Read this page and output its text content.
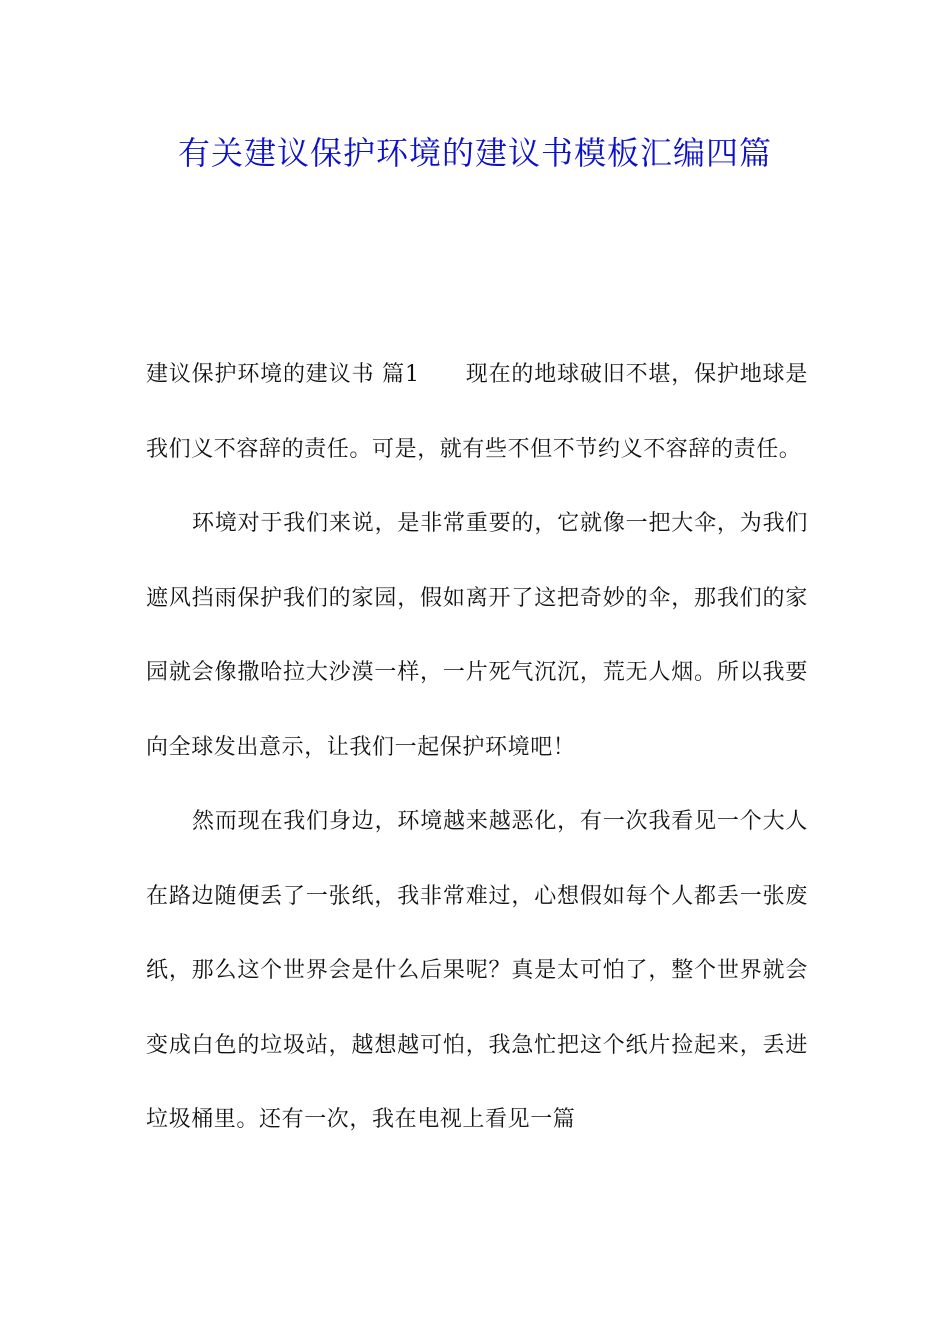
有关建议保护环境的建议书模板汇编四篇

建议保护环境的建议书 篇1 现在的地球破旧不堪，保护地球是我们义不容辞的责任。可是，就有些不但不节约义不容辞的责任。

环境对于我们来说，是非常重要的，它就像一把大伞，为我们遮风挡雨保护我们的家园，假如离开了这把奇妙的伞，那我们的家园就会像撒哈拉大沙漠一样，一片死气沉沉，荒无人烟。所以我要向全球发出意示，让我们一起保护环境吧！

然而现在我们身边，环境越来越恶化，有一次我看见一个大人在路边随便丢了一张纸，我非常难过，心想假如每个人都丢一张废纸，那么这个世界会是什么后果呢？真是太可怕了，整个世界就会变成白色的垃圾站，越想越可怕，我急忙把这个纸片捡起来，丢进垃圾桶里。还有一次，我在电视上看见一篇
